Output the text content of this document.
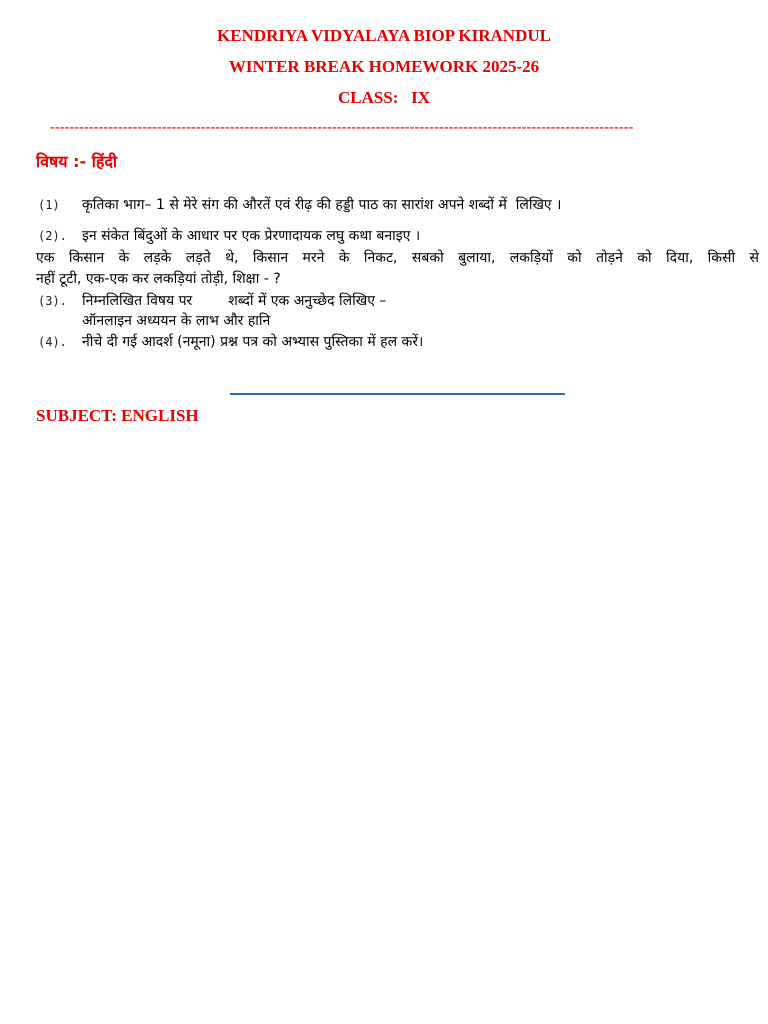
KENDRIYA VIDYALAYA BIOP KIRANDUL
WINTER BREAK HOMEWORK 2025-26
CLASS:   IX
------------------------------------------------------------------------------------------------------------------------
विषय :- हिंदी
(1) कृतिका भाग– 1 से मेरे संग की औरतें एवं रीढ़ की हड्डी पाठ का सारांश अपने शब्दों में  लिखिए ।
(2). इन संकेत बिंदुओं के आधार पर एक प्रेरणादायक लघु कथा बनाइए ।
एक किसान के लड़के लड़ते थे, किसान मरने के निकट, सबको बुलाया, लकड़ियों को तोड़ने को दिया, किसी से
नहीं टूटी, एक-एक कर लकड़ियां तोड़ी, शिक्षा - ?
(3). निम्नलिखित विषय पर	शब्दों में एक अनुच्छेद लिखिए –
ऑनलाइन अध्ययन के लाभ और हानि
(4). नीचे दी गई आदर्श (नमूना) प्रश्न पत्र को अभ्यास पुस्तिका में हल करें।
SUBJECT: ENGLISH
